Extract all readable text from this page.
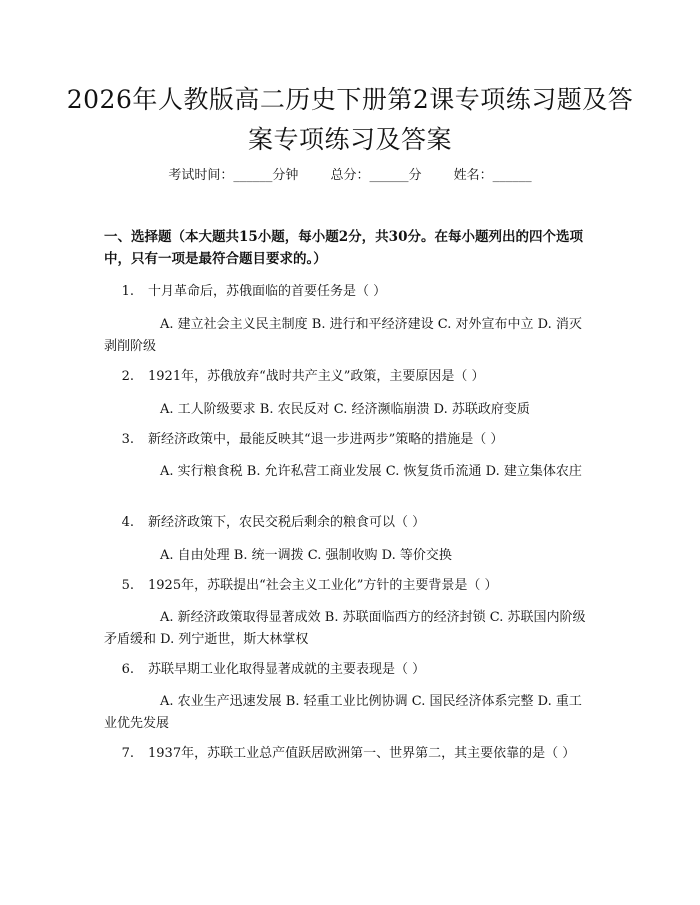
2026年人教版高二历史下册第2课专项练习题及答案专项练习及答案
考试时间：______分钟 总分：______分 姓名：______
一、选择题（本大题共15小题，每小题2分，共30分。在每小题列出的四个选项中，只有一项是最符合题目要求的。）
1. 十月革命后，苏俄面临的首要任务是（ ）
A. 建立社会主义民主制度 B. 进行和平经济建设 C. 对外宣布中立 D. 消灭剥削阶级
2. 1921年，苏俄放弃“战时共产主义”政策，主要原因是（ ）
A. 工人阶级要求 B. 农民反对 C. 经济濒临崩溃 D. 苏联政府变质
3. 新经济政策中，最能反映其“退一步进两步”策略的措施是（ ）
A. 实行粮食税 B. 允许私营工商业发展 C. 恢复货币流通 D. 建立集体农庄
4. 新经济政策下，农民交税后剩余的粮食可以（ ）
A. 自由处理 B. 统一调拨 C. 强制收购 D. 等价交换
5. 1925年，苏联提出“社会主义工业化”方针的主要背景是（ ）
A. 新经济政策取得显著成效 B. 苏联面临西方的经济封锁 C. 苏联国内阶级矛盾缓和 D. 列宁逝世，斯大林掌权
6. 苏联早期工业化取得显著成就的主要表现是（ ）
A. 农业生产迅速发展 B. 轻重工业比例协调 C. 国民经济体系完整 D. 重工业优先发展
7. 1937年，苏联工业总产值跃居欧洲第一、世界第二，其主要依靠的是（ ）
